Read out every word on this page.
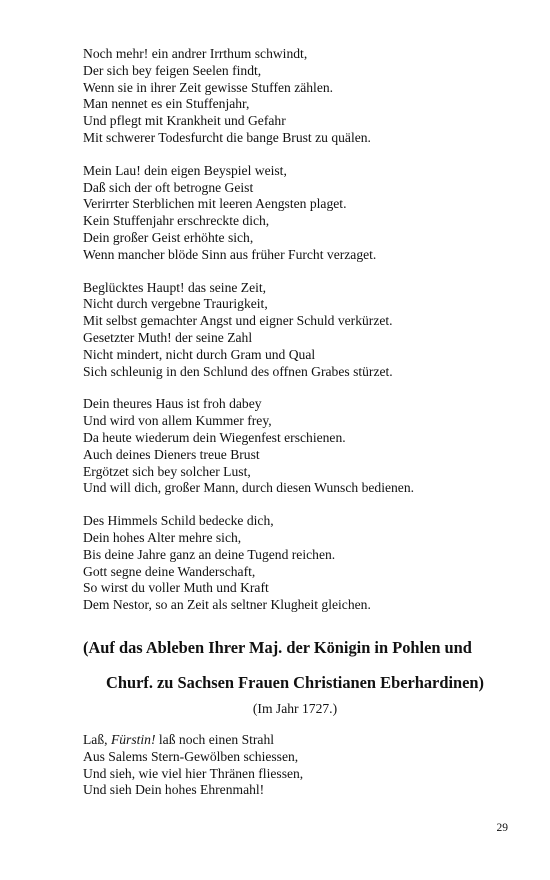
Noch mehr! ein andrer Irrthum schwindt,
Der sich bey feigen Seelen findt,
Wenn sie in ihrer Zeit gewisse Stuffen zählen.
Man nennet es ein Stuffenjahr,
Und pflegt mit Krankheit und Gefahr
Mit schwerer Todesfurcht die bange Brust zu quälen.
Mein Lau! dein eigen Beyspiel weist,
Daß sich der oft betrogne Geist
Verirrter Sterblichen mit leeren Aengsten plaget.
Kein Stuffenjahr erschreckte dich,
Dein großer Geist erhöhte sich,
Wenn mancher blöde Sinn aus früher Furcht verzaget.
Beglücktes Haupt! das seine Zeit,
Nicht durch vergebne Traurigkeit,
Mit selbst gemachter Angst und eigner Schuld verkürzet.
Gesetzter Muth! der seine Zahl
Nicht mindert, nicht durch Gram und Qual
Sich schleunig in den Schlund des offnen Grabes stürzet.
Dein theures Haus ist froh dabey
Und wird von allem Kummer frey,
Da heute wiederum dein Wiegenfest erschienen.
Auch deines Dieners treue Brust
Ergötzet sich bey solcher Lust,
Und will dich, großer Mann, durch diesen Wunsch bedienen.
Des Himmels Schild bedecke dich,
Dein hohes Alter mehre sich,
Bis deine Jahre ganz an deine Tugend reichen.
Gott segne deine Wanderschaft,
So wirst du voller Muth und Kraft
Dem Nestor, so an Zeit als seltner Klugheit gleichen.
(Auf das Ableben Ihrer Maj. der Königin in Pohlen und
Churf. zu Sachsen Frauen Christianen Eberhardinen)
(Im Jahr 1727.)
Laß, Fürstin! laß noch einen Strahl
Aus Salems Stern-Gewölben schiessen,
Und sieh, wie viel hier Thränen fliessen,
Und sieh Dein hohes Ehrenmahl!
29
